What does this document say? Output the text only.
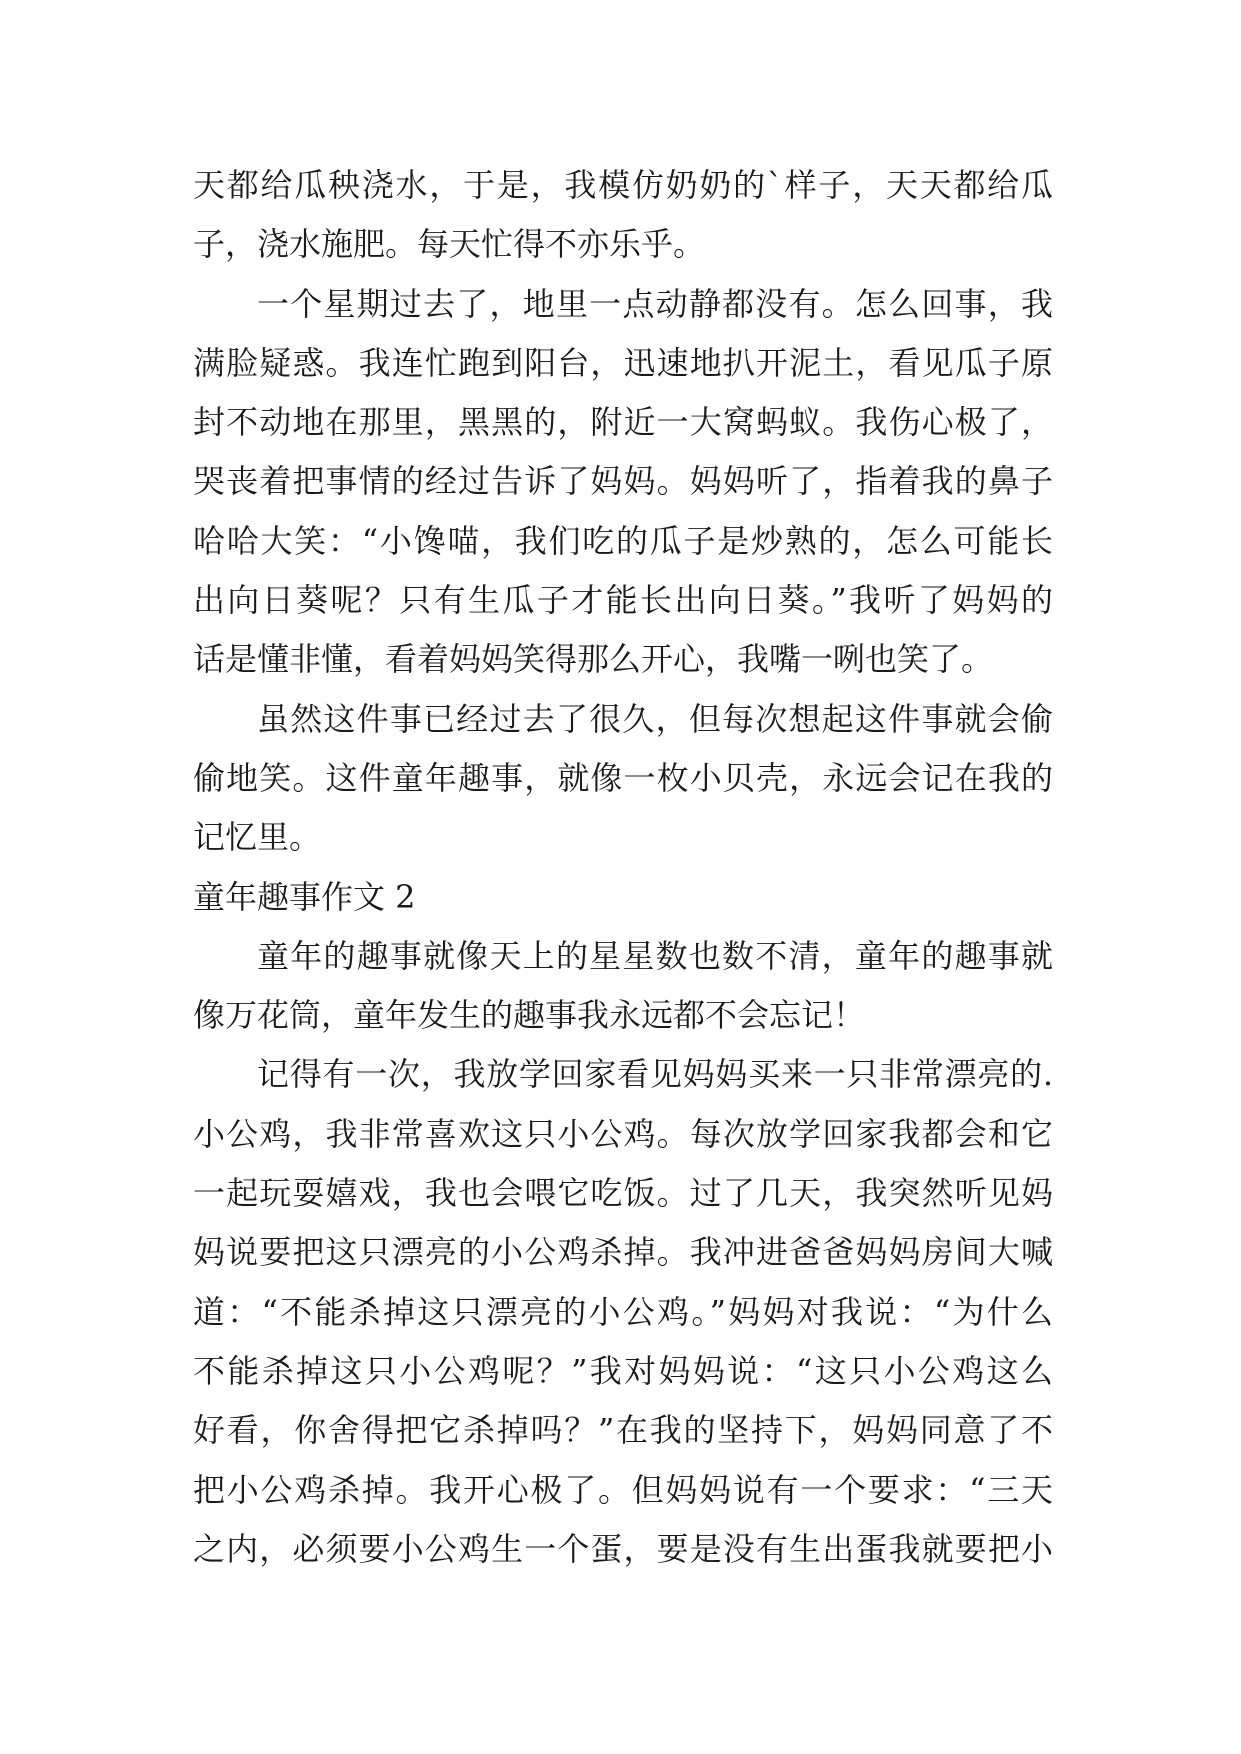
天都给瓜秧浇水，于是，我模仿奶奶的`样子，天天都给瓜
子，浇水施肥。每天忙得不亦乐乎。
一个星期过去了，地里一点动静都没有。怎么回事，我
满脸疑惑。我连忙跑到阳台，迅速地扒开泥土，看见瓜子原
封不动地在那里，黑黑的，附近一大窝蚂蚁。我伤心极了，
哭丧着把事情的经过告诉了妈妈。妈妈听了，指着我的鼻子
哈哈大笑：“小馋喵，我们吃的瓜子是炒熟的，怎么可能长
出向日葵呢？只有生瓜子才能长出向日葵。”我听了妈妈的
话是懂非懂，看着妈妈笑得那么开心，我嘴一咧也笑了。
虽然这件事已经过去了很久，但每次想起这件事就会偷
偷地笑。这件童年趣事，就像一枚小贝壳，永远会记在我的
记忆里。
童年趣事作文 2
童年的趣事就像天上的星星数也数不清，童年的趣事就
像万花筒，童年发生的趣事我永远都不会忘记！
记得有一次，我放学回家看见妈妈买来一只非常漂亮的.
小公鸡，我非常喜欢这只小公鸡。每次放学回家我都会和它
一起玩耍嬉戏，我也会喂它吃饭。过了几天，我突然听见妈
妈说要把这只漂亮的小公鸡杀掉。我冲进爸爸妈妈房间大喊
道：“不能杀掉这只漂亮的小公鸡。”妈妈对我说：“为什么
不能杀掉这只小公鸡呢？”我对妈妈说：“这只小公鸡这么
好看，你舍得把它杀掉吗？”在我的坚持下，妈妈同意了不
把小公鸡杀掉。我开心极了。但妈妈说有一个要求：“三天
之内，必须要小公鸡生一个蛋，要是没有生出蛋我就要把小
